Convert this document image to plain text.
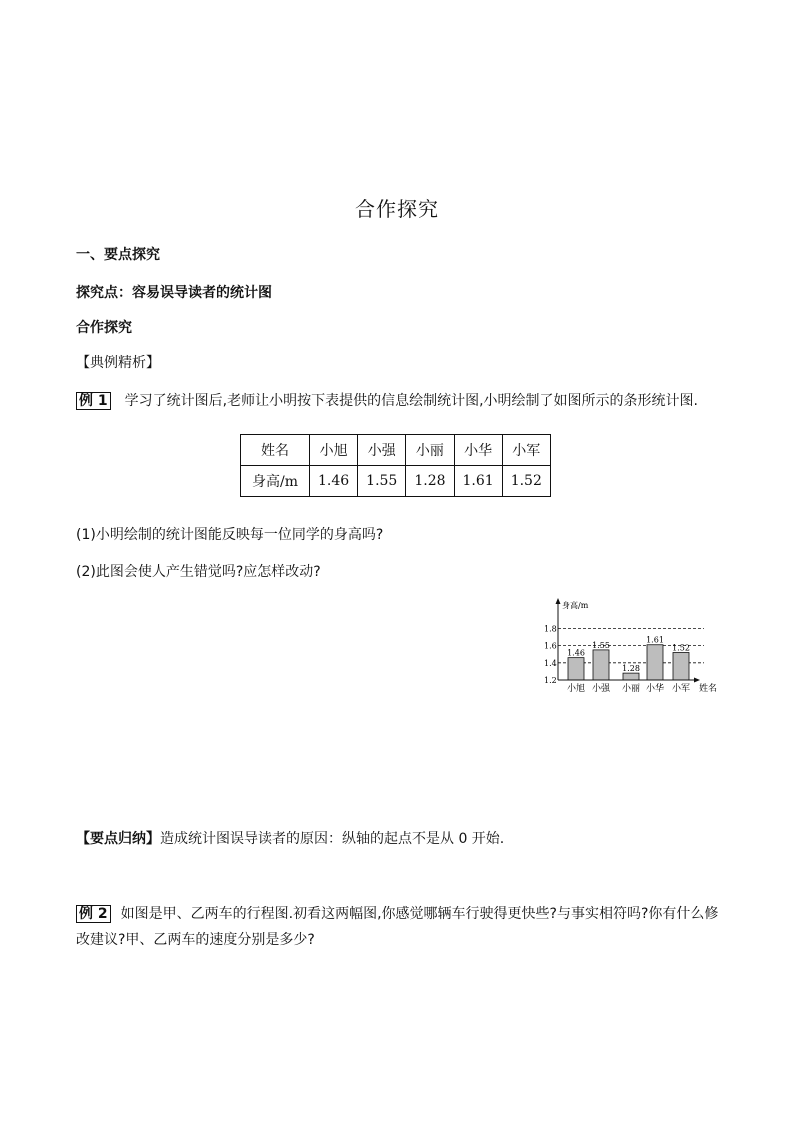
合作探究
一、要点探究
探究点：容易误导读者的统计图
合作探究
【典例精析】
例 1 学习了统计图后,老师让小明按下表提供的信息绘制统计图,小明绘制了如图所示的条形统计图.
姓名	小旭	小强	小丽	小华	小军
身高/m	1.46	1.55	1.28	1.61	1.52
(1)小明绘制的统计图能反映每一位同学的身高吗?
(2)此图会使人产生错觉吗?应怎样改动?
1.2
1.4
1.6
1.8
1.46
小旭
1.55
小强
1.28
小丽
1.61
小华
1.52
小军
身高/m
姓名
【要点归纳】造成统计图误导读者的原因：纵轴的起点不是从 0 开始.
例 2 如图是甲、乙两车的行程图.初看这两幅图,你感觉哪辆车行驶得更快些?与事实相符吗?你有什么修改建议?甲、乙两车的速度分别是多少?
